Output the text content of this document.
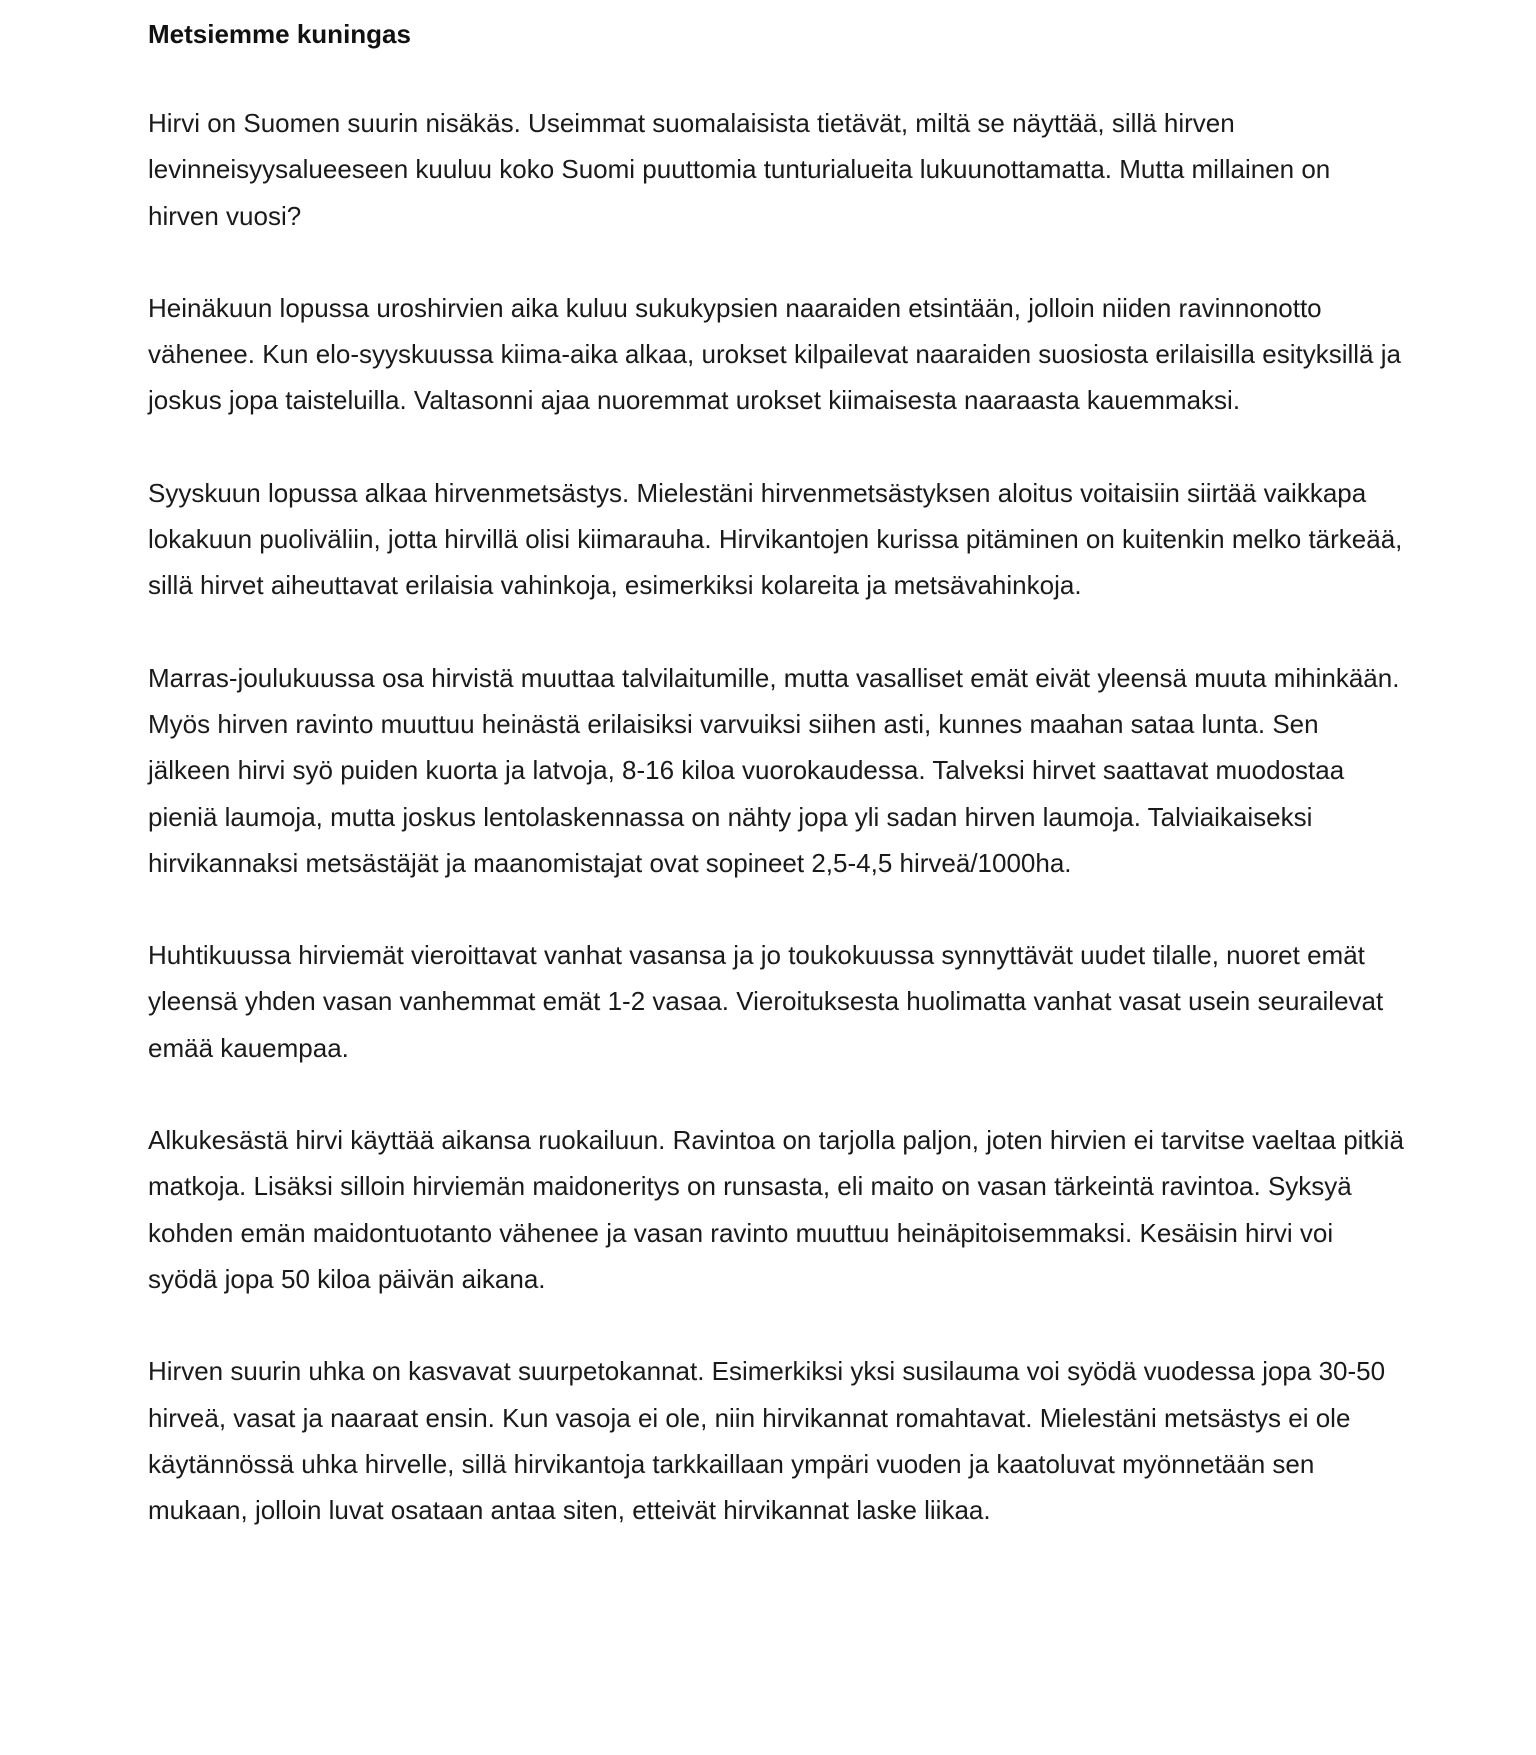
Metsiemme kuningas

Hirvi on Suomen suurin nisäkäs. Useimmat suomalaisista tietävät, miltä se näyttää, sillä hirven levinneisyysalueeseen kuuluu koko Suomi puuttomia tunturialueita lukuunottamatta. Mutta millainen on hirven vuosi?

Heinäkuun lopussa uroshirvien aika kuluu sukukypsien naaraiden etsintään, jolloin niiden ravinnonotto vähenee. Kun elo-syyskuussa kiima-aika alkaa, urokset kilpailevat naaraiden suosiosta erilaisilla esityksillä ja joskus jopa taisteluilla. Valtasonni ajaa nuoremmat urokset kiimaisesta naaraasta kauemmaksi.

Syyskuun lopussa alkaa hirvenmetsästys. Mielestäni hirvenmetsästyksen aloitus voitaisiin siirtää vaikkapa lokakuun puoliväliin, jotta hirvillä olisi kiimarauha. Hirvikantojen kurissa pitäminen on kuitenkin melko tärkeää, sillä hirvet aiheuttavat erilaisia vahinkoja, esimerkiksi kolareita ja metsävahinkoja.

Marras-joulukuussa osa hirvistä muuttaa talvilaitumille, mutta vasalliset emät eivät yleensä muuta mihinkään. Myös hirven ravinto muuttuu heinästä erilaisiksi varvuiksi siihen asti, kunnes maahan sataa lunta. Sen jälkeen hirvi syö puiden kuorta ja latvoja, 8-16 kiloa vuorokaudessa. Talveksi hirvet saattavat muodostaa pieniä laumoja, mutta joskus lentolaskennassa on nähty jopa yli sadan hirven laumoja. Talviaikaiseksi hirvikannaksi metsästäjät ja maanomistajat ovat sopineet 2,5-4,5 hirveä/1000ha.

Huhtikuussa hirviemät vieroittavat vanhat vasansa ja jo toukokuussa synnyttävät uudet tilalle, nuoret emät yleensä yhden vasan vanhemmat emät 1-2 vasaa. Vieroituksesta huolimatta vanhat vasat usein seurailevat emää kauempaa.

Alkukesästä hirvi käyttää aikansa ruokailuun. Ravintoa on tarjolla paljon, joten hirvien ei tarvitse vaeltaa pitkiä matkoja. Lisäksi silloin hirviemän maidoneritys on runsasta, eli maito on vasan tärkeintä ravintoa. Syksyä kohden emän maidontuotanto vähenee ja vasan ravinto muuttuu heinäpitoisemmaksi. Kesäisin hirvi voi syödä jopa 50 kiloa päivän aikana.

Hirven suurin uhka on kasvavat suurpetokannat. Esimerkiksi yksi susilauma voi syödä vuodessa jopa 30-50 hirveä, vasat ja naaraat ensin. Kun vasoja ei ole, niin hirvikannat romahtavat. Mielestäni metsästys ei ole käytännössä uhka hirvelle, sillä hirvikantoja tarkkaillaan ympäri vuoden ja kaatoluvat myönnetään sen mukaan, jolloin luvat osataan antaa siten, etteivät hirvikannat laske liikaa.
